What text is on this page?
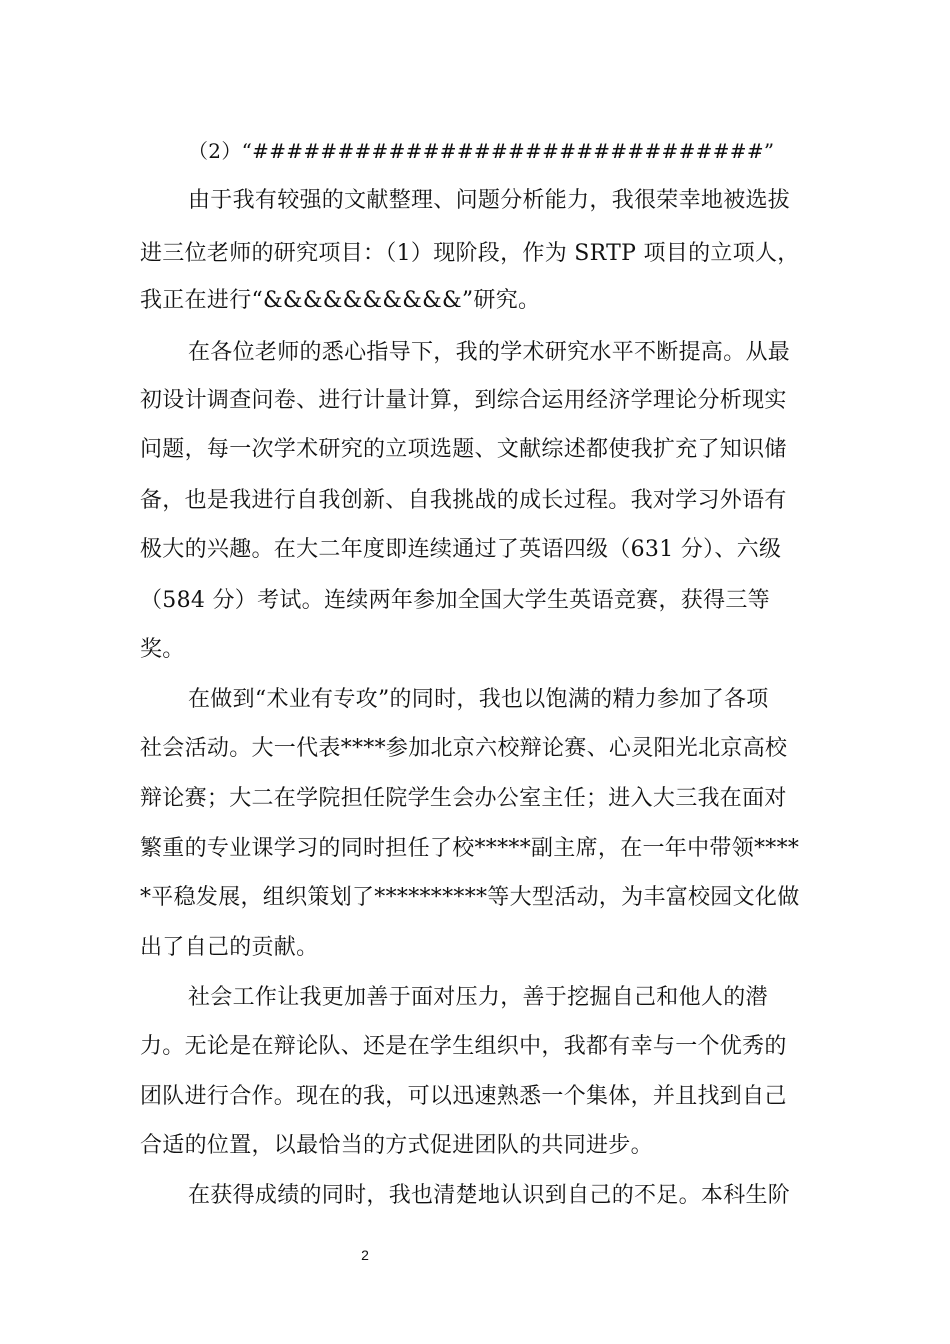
（2）“##############################”
由于我有较强的文献整理、问题分析能力，我很荣幸地被选拔
进三位老师的研究项目：（1）现阶段，作为 SRTP 项目的立项人，
我正在进行“&&&&&&&&&&”研究。
在各位老师的悉心指导下，我的学术研究水平不断提高。从最
初设计调查问卷、进行计量计算，到综合运用经济学理论分析现实
问题，每一次学术研究的立项选题、文献综述都使我扩充了知识储
备，也是我进行自我创新、自我挑战的成长过程。我对学习外语有
极大的兴趣。在大二年度即连续通过了英语四级（631 分）、六级
（584 分）考试。连续两年参加全国大学生英语竞赛，获得三等
奖。
在做到“术业有专攻”的同时，我也以饱满的精力参加了各项
社会活动。大一代表****参加北京六校辩论赛、心灵阳光北京高校
辩论赛；大二在学院担任院学生会办公室主任；进入大三我在面对
繁重的专业课学习的同时担任了校*****副主席，在一年中带领****
*平稳发展，组织策划了**********等大型活动，为丰富校园文化做
出了自己的贡献。
社会工作让我更加善于面对压力，善于挖掘自己和他人的潜
力。无论是在辩论队、还是在学生组织中，我都有幸与一个优秀的
团队进行合作。现在的我，可以迅速熟悉一个集体，并且找到自己
合适的位置，以最恰当的方式促进团队的共同进步。
在获得成绩的同时，我也清楚地认识到自己的不足。本科生阶
2
